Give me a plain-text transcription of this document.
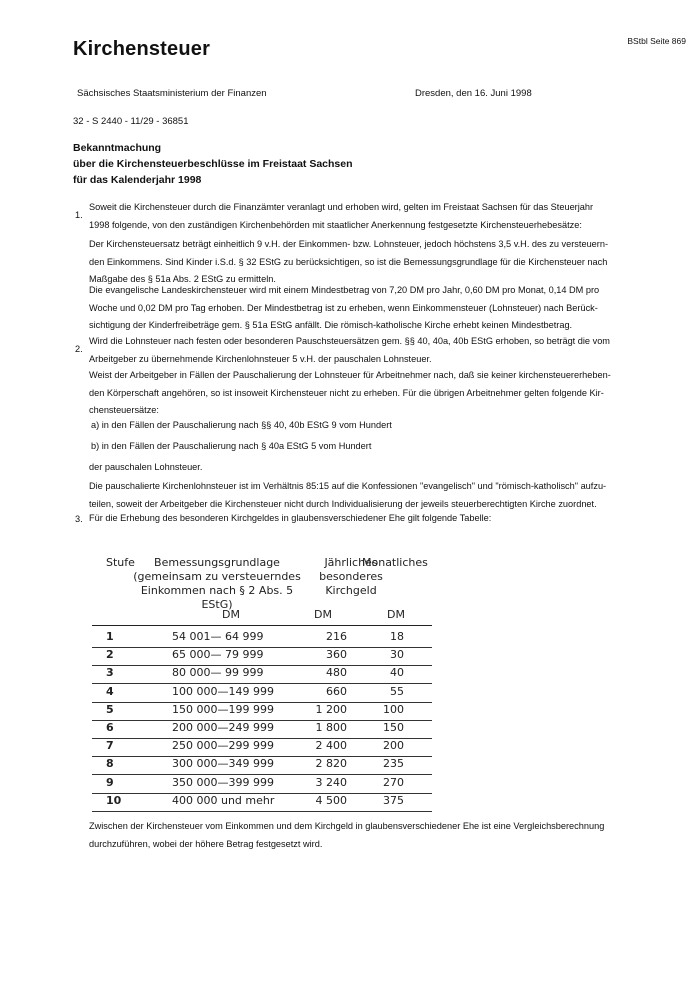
Kirchensteuer	BStbl Seite 869
Sächsisches Staatsministerium der Finanzen	Dresden, den 16. Juni 1998
32 - S 2440 - 11/29 - 36851
Bekanntmachung
über die Kirchensteuerbeschlüsse im Freistaat Sachsen
für das Kalenderjahr 1998
1.
Soweit die Kirchensteuer durch die Finanzämter veranlagt und erhoben wird, gelten im Freistaat Sachsen für das Steuerjahr
1998 folgende, von den zuständigen Kirchenbehörden mit staatlicher Anerkennung festgesetzte Kirchensteuerhebesätze:
Der Kirchensteuersatz beträgt einheitlich 9 v.H. der Einkommen- bzw. Lohnsteuer, jedoch höchstens 3,5 v.H. des zu versteuern-
den Einkommens. Sind Kinder i.S.d. § 32 EStG zu berücksichtigen, so ist die Bemessungsgrundlage für die Kirchensteuer nach
Maßgabe des § 51a Abs. 2 EStG zu ermitteln.
Die evangelische Landeskirchensteuer wird mit einem Mindestbetrag von 7,20 DM pro Jahr, 0,60 DM pro Monat, 0,14 DM pro
Woche und 0,02 DM pro Tag erhoben. Der Mindestbetrag ist zu erheben, wenn Einkommensteuer (Lohnsteuer) nach Berück-
sichtigung der Kinderfreibeträge gem. § 51a EStG anfällt. Die römisch-katholische Kirche erhebt keinen Mindestbetrag.
2.
Wird die Lohnsteuer nach festen oder besonderen Pauschsteuersätzen gem. §§ 40, 40a, 40b EStG erhoben, so beträgt die vom
Arbeitgeber zu übernehmende Kirchenlohnsteuer 5 v.H. der pauschalen Lohnsteuer.
Weist der Arbeitgeber in Fällen der Pauschalierung der Lohnsteuer für Arbeitnehmer nach, daß sie keiner kirchensteuererheben-
den Körperschaft angehören, so ist insoweit Kirchensteuer nicht zu erheben. Für die übrigen Arbeitnehmer gelten folgende Kir-
chensteuersätze:
a) in den Fällen der Pauschalierung nach §§ 40, 40b EStG 9 vom Hundert
b) in den Fällen der Pauschalierung nach § 40a EStG 5 vom Hundert
der pauschalen Lohnsteuer.
Die pauschalierte Kirchenlohnsteuer ist im Verhältnis 85:15 auf die Konfessionen "evangelisch" und "römisch-katholisch" aufzu-
teilen, soweit der Arbeitgeber die Kirchensteuer nicht durch Individualisierung der jeweils steuerberechtigten Kirche zuordnet.
3. Für die Erhebung des besonderen Kirchgeldes in glaubensverschiedener Ehe gilt folgende Tabelle:
Stufe	Bemessungsgrundlage
(gemeinsam zu versteuerndes
Einkommen nach § 2 Abs. 5
EStG)
Jährliches
besonderes Kirchgeld
Monatliches
DM	DM	DM
1	54 001— 64 999	216	18
2	65 000— 79 999	360	30
3	80 000— 99 999	480	40
4	100 000—149 999	660	55
5	150 000—199 999	1 200	100
6	200 000—249 999	1 800	150
7	250 000—299 999	2 400	200
8	300 000—349 999	2 820	235
9	350 000—399 999	3 240	270
10	400 000 und mehr	4 500	375
Zwischen der Kirchensteuer vom Einkommen und dem Kirchgeld in glaubensverschiedener Ehe ist eine Vergleichsberechnung
durchzuführen, wobei der höhere Betrag festgesetzt wird.
